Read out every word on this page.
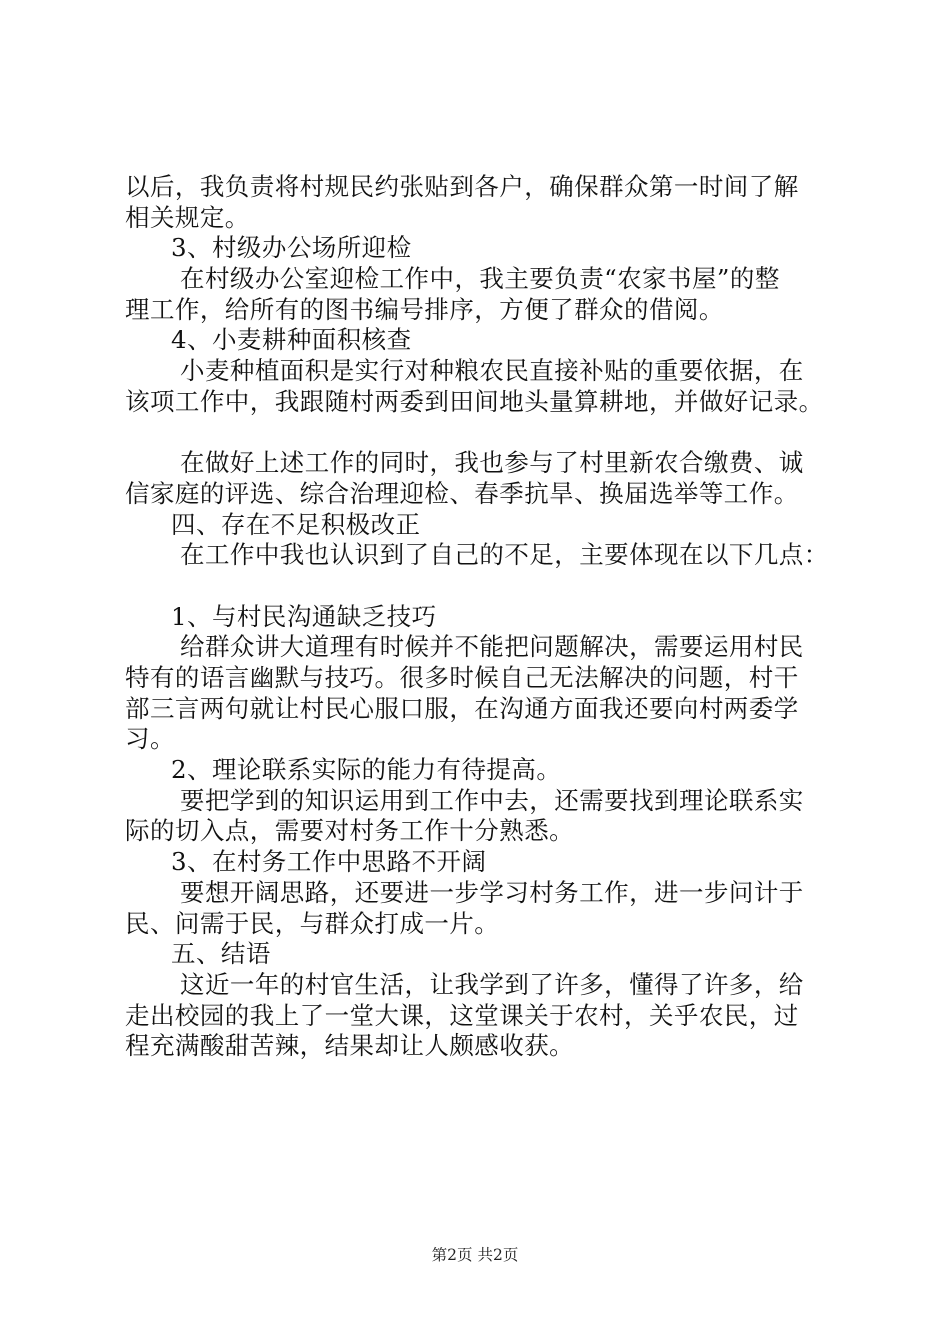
以后，我负责将村规民约张贴到各户，确保群众第一时间了解
相关规定。
3、村级办公场所迎检
在村级办公室迎检工作中，我主要负责“农家书屋”的整
理工作，给所有的图书编号排序，方便了群众的借阅。
4、小麦耕种面积核查
小麦种植面积是实行对种粮农民直接补贴的重要依据，在
该项工作中，我跟随村两委到田间地头量算耕地，并做好记录。
在做好上述工作的同时，我也参与了村里新农合缴费、诚
信家庭的评选、综合治理迎检、春季抗旱、换届选举等工作。
四、存在不足积极改正
在工作中我也认识到了自己的不足，主要体现在以下几点：
1、与村民沟通缺乏技巧
给群众讲大道理有时候并不能把问题解决，需要运用村民
特有的语言幽默与技巧。很多时候自己无法解决的问题，村干
部三言两句就让村民心服口服，在沟通方面我还要向村两委学
习。
2、理论联系实际的能力有待提高。
要把学到的知识运用到工作中去，还需要找到理论联系实
际的切入点，需要对村务工作十分熟悉。
3、在村务工作中思路不开阔
要想开阔思路，还要进一步学习村务工作，进一步问计于
民、问需于民，与群众打成一片。
五、结语
这近一年的村官生活，让我学到了许多，懂得了许多，给
走出校园的我上了一堂大课，这堂课关于农村，关乎农民，过
程充满酸甜苦辣，结果却让人颇感收获。
第2页 共2页
